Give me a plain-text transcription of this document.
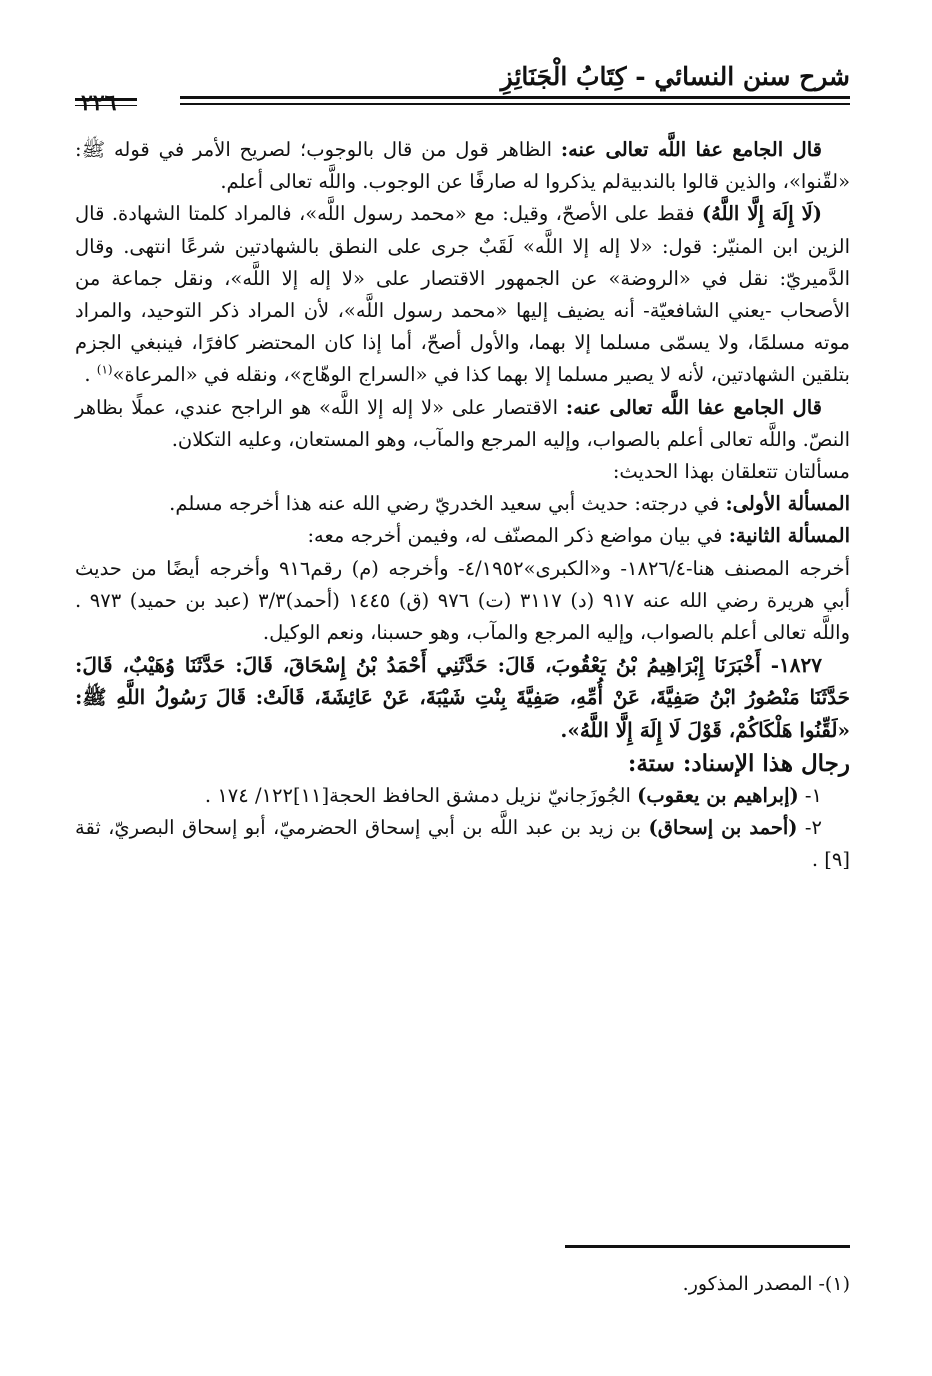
شرح سنن النسائي - كِتَابُ الْجَنَائِزِ
٢٢٦

قال الجامع عفا اللَّه تعالى عنه: الظاهر قول من قال بالوجوب؛ لصريح الأمر في قوله ﷺ: «لقّنوا»، والذين قالوا بالندبيةلم يذكروا له صارفًا عن الوجوب. واللَّه تعالى أعلم.

(لَا إِلَهَ إِلَّا اللَّهُ) فقط على الأصحّ، وقيل: مع «محمد رسول اللَّه»، فالمراد كلمتا الشهادة. قال الزين ابن المنيّر: قول: «لا إله إلا اللَّه» لَقَبٌ جرى على النطق بالشهادتين شرعًا انتهى. وقال الدَّميريّ: نقل في «الروضة» عن الجمهور الاقتصار على «لا إله إلا اللَّه»، ونقل جماعة من الأصحاب -يعني الشافعيّة- أنه يضيف إليها «محمد رسول اللَّه»، لأن المراد ذكر التوحيد، والمراد موته مسلمًا، ولا يسمّى مسلما إلا بهما، والأول أصحّ، أما إذا كان المحتضر كافرًا، فينبغي الجزم بتلقين الشهادتين، لأنه لا يصير مسلما إلا بهما كذا في «السراج الوهّاج»، ونقله في «المرعاة»$^{(١)}$ .

قال الجامع عفا اللَّه تعالى عنه: الاقتصار على «لا إله إلا اللَّه» هو الراجح عندي، عملًا بظاهر النصّ. واللَّه تعالى أعلم بالصواب، وإليه المرجع والمآب، وهو المستعان، وعليه التكلان.

مسألتان تتعلقان بهذا الحديث:

المسألة الأولى: في درجته: حديث أبي سعيد الخدريّ رضي الله عنه هذا أخرجه مسلم.

المسألة الثانية: في بيان مواضع ذكر المصنّف له، وفيمن أخرجه معه:

أخرجه المصنف هنا-١٨٢٦/٤- و«الكبرى»٤/١٩٥٢- وأخرجه (م) رقم٩١٦ وأخرجه أيضًا من حديث أبي هريرة رضي الله عنه ٩١٧ (د) ٣١١٧ (ت) ٩٧٦ (ق) ١٤٤٥ (أحمد)٣/٣ (عبد بن حميد) ٩٧٣ . واللَّه تعالى أعلم بالصواب، وإليه المرجع والمآب، وهو حسبنا، ونعم الوكيل.

١٨٢٧- أَخْبَرَنَا إِبْرَاهِيمُ بْنُ يَعْقُوبَ، قَالَ: حَدَّثَنِي أَحْمَدُ بْنُ إِسْحَاقَ، قَالَ: حَدَّثَنَا وُهَيْبٌ، قَالَ: حَدَّثَنَا مَنْصُورُ ابْنُ صَفِيَّةَ، عَنْ أُمِّهِ، صَفِيَّةَ بِنْتِ شَيْبَةَ، عَنْ عَائِشَةَ، قَالَتْ: قَالَ رَسُولُ اللَّهِ ﷺ: «لَقِّنُوا هَلْكَاكُمْ، قَوْلَ لَا إِلَهَ إِلَّا اللَّهُ».

رجال هذا الإسناد: ستة:

١- (إبراهيم بن يعقوب) الجُوزَجانيّ نزيل دمشق الحافظ الحجة[١١]١٢٢/ ١٧٤ .

٢- (أحمد بن إسحاق) بن زيد بن عبد اللَّه بن أبي إسحاق الحضرميّ، أبو إسحاق البصريّ، ثقة [٩] .

(١)- المصدر المذكور.
